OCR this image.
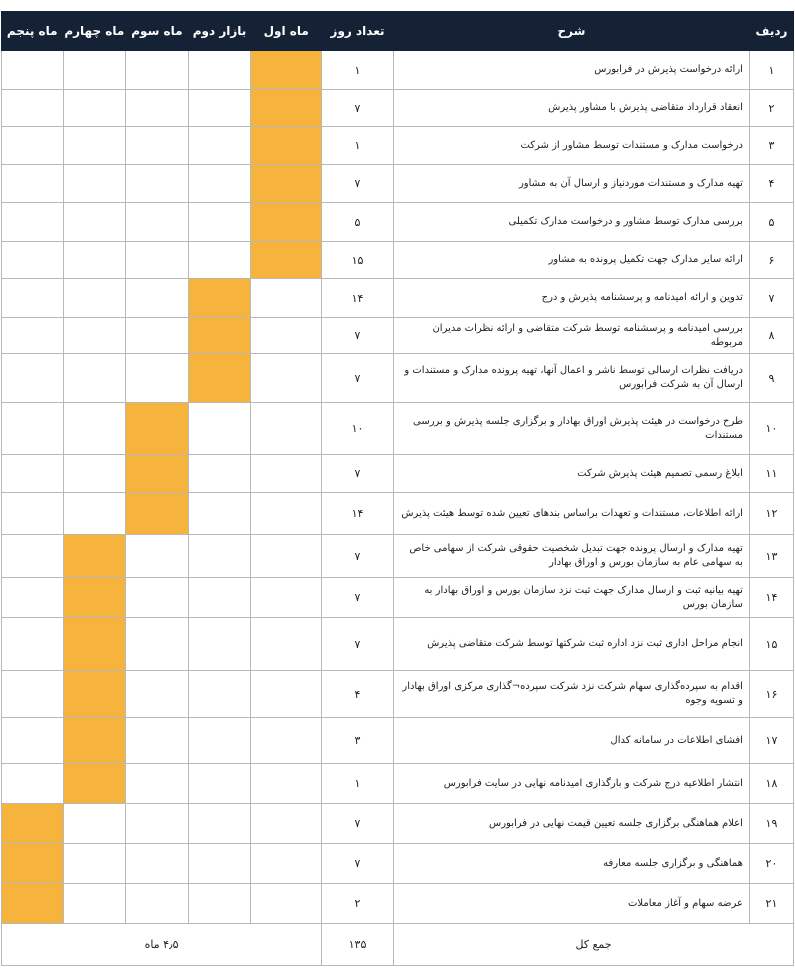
ردیف	شرح	تعداد روز	ماه اول	بازار دوم	ماه سوم	ماه چهارم	ماه پنجم
۱	ارائه درخواست پذیرش در فرابورس	۱					
۲	انعقاد قرارداد متقاضی پذیرش با مشاور پذیرش	۷					
۳	درخواست مدارک و مستندات توسط مشاور از شرکت	۱					
۴	تهیه مدارک و مستندات موردنیاز و ارسال آن به مشاور	۷					
۵	بررسی مدارک توسط مشاور و درخواست مدارک تکمیلی	۵					
۶	ارائه سایر مدارک جهت تکمیل پرونده به مشاور	۱۵					
۷	تدوین و ارائه امیدنامه و پرسشنامه پذیرش و درج	۱۴					
۸	بررسی امیدنامه و پرسشنامه توسط شرکت متقاضی و ارائه نظرات مدیران مربوطه	۷					
۹	دریافت نظرات ارسالی توسط ناشر و اعمال آنها، تهیه پرونده مدارک و مستندات و ارسال آن به شرکت فرابورس	۷					
۱۰	طرح درخواست در هیئت پذیرش اوراق بهادار و برگزاری جلسه پذیرش و بررسی مستندات	۱۰					
۱۱	ابلاغ رسمی تصمیم هیئت پذیرش شرکت	۷					
۱۲	ارائه اطلاعات، مستندات و تعهدات براساس بندهای تعیین شده توسط هیئت پذیرش	۱۴					
۱۳	تهیه مدارک و ارسال پرونده جهت تبدیل شخصیت حقوقی شرکت از سهامی خاص به سهامی عام به سازمان بورس و اوراق بهادار	۷					
۱۴	تهیه بیانیه ثبت و ارسال مدارک جهت ثبت نزد سازمان بورس و اوراق بهادار به سازمان بورس	۷					
۱۵	انجام مراحل اداری ثبت نزد اداره ثبت شرکتها توسط شرکت متقاضی پذیرش	۷					
۱۶	اقدام به سپرده‌گذاری سهام شرکت نزد شرکت سپرده¬گذاری مرکزی اوراق بهادار و تسویه وجوه	۴					
۱۷	افشای اطلاعات در سامانه کدال	۳					
۱۸	انتشار اطلاعیه درج شرکت و بارگذاری امیدنامه نهایی در سایت فرابورس	۱					
۱۹	اعلام هماهنگی برگزاری جلسه تعیین قیمت نهایی در فرابورس	۷					
۲۰	هماهنگی و برگزاری جلسه معارفه	۷					
۲۱	عرضه سهام و آغاز معاملات	۲					
جمع کل		۱۳۵	۴٫۵ ماه				
